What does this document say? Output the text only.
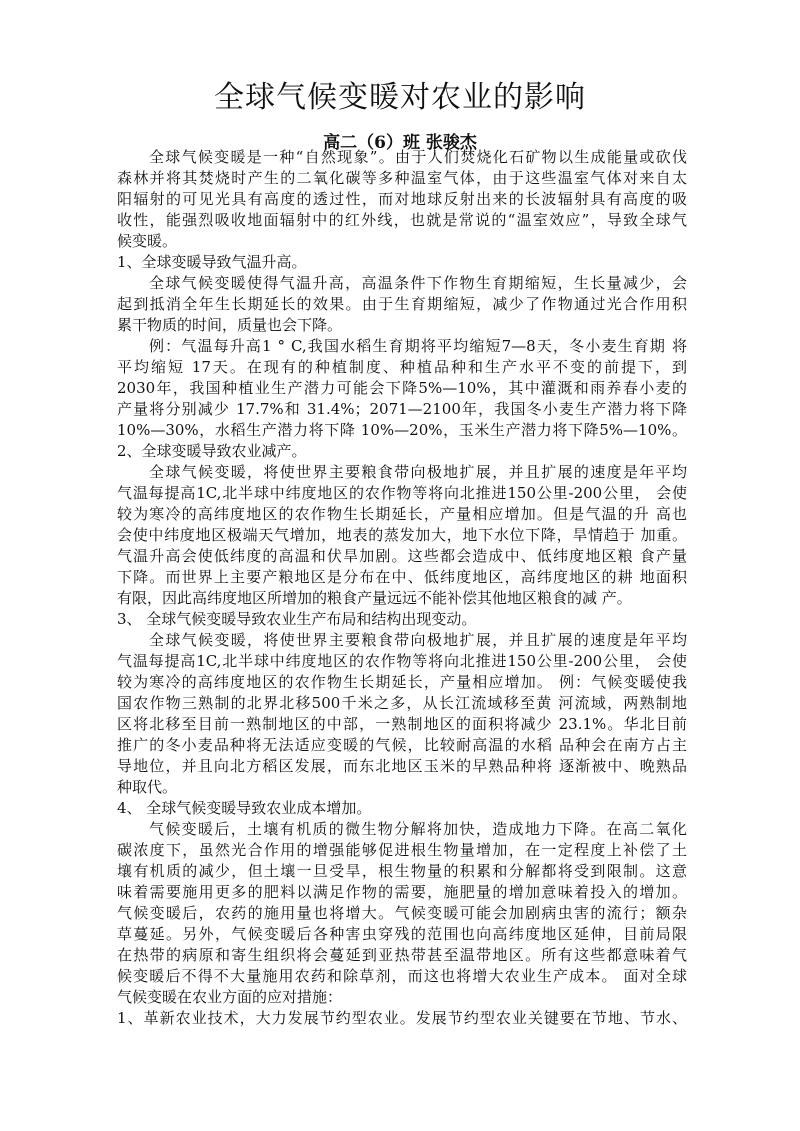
全球气候变暖对农业的影响
高二（6）班 张骏杰
全球气候变暖是一种“自然现象”。由于人们焚烧化石矿物以生成能量或砍伐
森林并将其焚烧时产生的二氧化碳等多种温室气体，由于这些温室气体对来自太
阳辐射的可见光具有高度的透过性，而对地球反射出来的长波辐射具有高度的吸
收性，能强烈吸收地面辐射中的红外线，也就是常说的“温室效应”，导致全球气
候变暖。
1、全球变暖导致气温升高。
全球气候变暖使得气温升高，高温条件下作物生育期缩短，生长量减少，会
起到抵消全年生长期延长的效果。由于生育期缩短，减少了作物通过光合作用积
累干物质的时间，质量也会下降。
例：气温每升高1 ° C,我国水稻生育期将平均缩短7—8天，冬小麦生育期 将
平均缩短 17天。在现有的种植制度、种植品种和生产水平不变的前提下，到
2030年，我国种植业生产潜力可能会下降5%—10%，其中灌溉和雨养春小麦的
产量将分别减少 17.7%和 31.4%；2071—2100年，我国冬小麦生产潜力将下降
10%—30%，水稻生产潜力将下降 10%—20%，玉米生产潜力将下降5%—10%。
2、全球变暖导致农业减产。
全球气候变暖，将使世界主要粮食带向极地扩展，并且扩展的速度是年平均
气温每提高1C,北半球中纬度地区的农作物等将向北推进150公里-200公里， 会使
较为寒冷的高纬度地区的农作物生长期延长，产量相应增加。但是气温的升 高也
会使中纬度地区极端天气增加，地表的蒸发加大，地下水位下降，旱情趋于 加重。
气温升高会使低纬度的高温和伏旱加剧。这些都会造成中、低纬度地区粮 食产量
下降。而世界上主要产粮地区是分布在中、低纬度地区，高纬度地区的耕 地面积
有限，因此高纬度地区所增加的粮食产量远远不能补偿其他地区粮食的减 产。
3、 全球气候变暖导致农业生产布局和结构出现变动。
全球气候变暖，将使世界主要粮食带向极地扩展，并且扩展的速度是年平均
气温每提高1C,北半球中纬度地区的农作物等将向北推进150公里-200公里， 会使
较为寒冷的高纬度地区的农作物生长期延长，产量相应增加。 例：气候变暖使我
国农作物三熟制的北界北移500千米之多，从长江流域移至黄 河流域，两熟制地
区将北移至目前一熟制地区的中部，一熟制地区的面积将减少 23.1%。华北目前
推广的冬小麦品种将无法适应变暖的气候，比较耐高温的水稻 品种会在南方占主
导地位，并且向北方稻区发展，而东北地区玉米的早熟品种将 逐渐被中、晚熟品
种取代。
4、 全球气候变暖导致农业成本增加。
气候变暖后，土壤有机质的微生物分解将加快，造成地力下降。在高二氧化
碳浓度下，虽然光合作用的增强能够促进根生物量增加，在一定程度上补偿了土
壤有机质的减少，但土壤一旦受旱，根生物量的积累和分解都将受到限制。这意
味着需要施用更多的肥料以满足作物的需要，施肥量的增加意味着投入的增加。
气候变暖后，农药的施用量也将增大。气候变暖可能会加剧病虫害的流行；额杂
草蔓延。另外，气候变暖后各种害虫穿残的范围也向高纬度地区延伸，目前局限
在热带的病原和寄生组织将会蔓延到亚热带甚至温带地区。所有这些都意味着气
候变暖后不得不大量施用农药和除草剂，而这也将增大农业生产成本。 面对全球
气候变暖在农业方面的应对措施：
1、革新农业技术，大力发展节约型农业。发展节约型农业关键要在节地、节水、
